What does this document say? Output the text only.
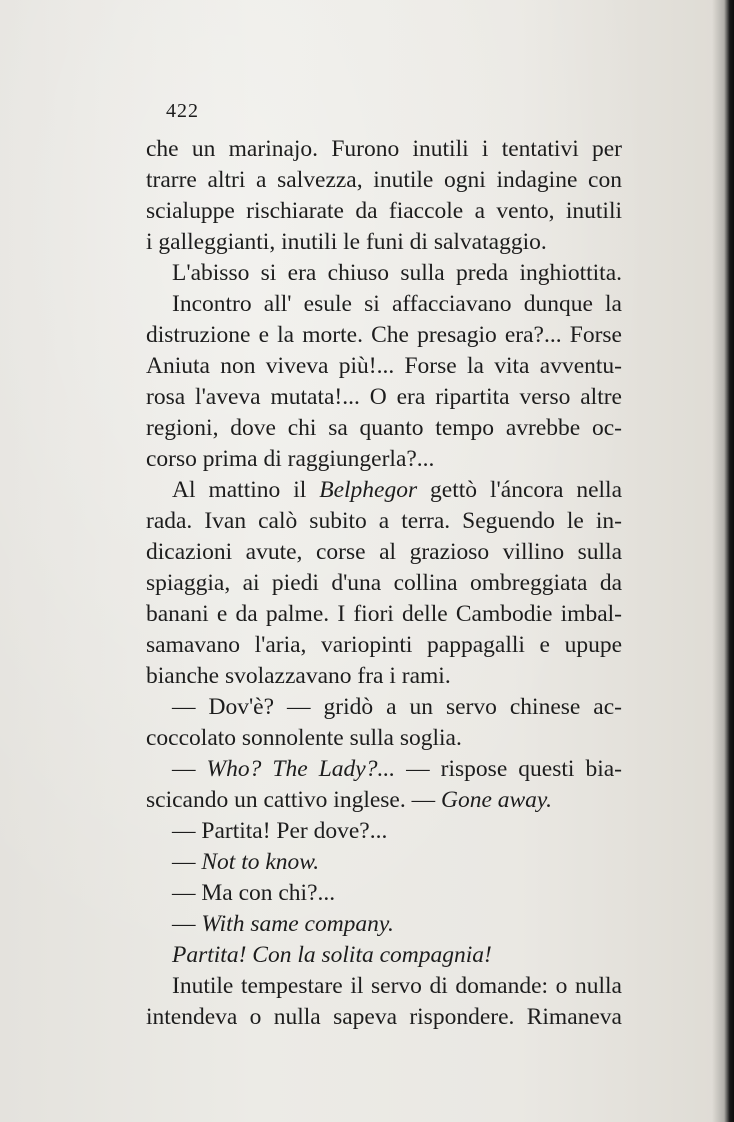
422
che un marinajo. Furono inutili i tentativi per
trarre altri a salvezza, inutile ogni indagine con
scialuppe rischiarate da fiaccole a vento, inutili
i galleggianti, inutili le funi di salvataggio.
L'abisso si era chiuso sulla preda inghiottita.
Incontro all' esule si affacciavano dunque la
distruzione e la morte. Che presagio era?... Forse
Aniuta non viveva più!... Forse la vita avventu-
rosa l'aveva mutata!... O era ripartita verso altre
regioni, dove chi sa quanto tempo avrebbe oc-
corso prima di raggiungerla?...
Al mattino il Belphegor gettò l'áncora nella
rada. Ivan calò subito a terra. Seguendo le in-
dicazioni avute, corse al grazioso villino sulla
spiaggia, ai piedi d'una collina ombreggiata da
banani e da palme. I fiori delle Cambodie imbal-
samavano l'aria, variopinti pappagalli e upupe
bianche svolazzavano fra i rami.
— Dov'è? — gridò a un servo chinese ac-
coccolato sonnolente sulla soglia.
— Who? The Lady?... — rispose questi bia-
scicando un cattivo inglese. — Gone away.
— Partita! Per dove?...
— Not to know.
— Ma con chi?...
— With same company.
Partita! Con la solita compagnia!
Inutile tempestare il servo di domande: o nulla
intendeva o nulla sapeva rispondere. Rimaneva
